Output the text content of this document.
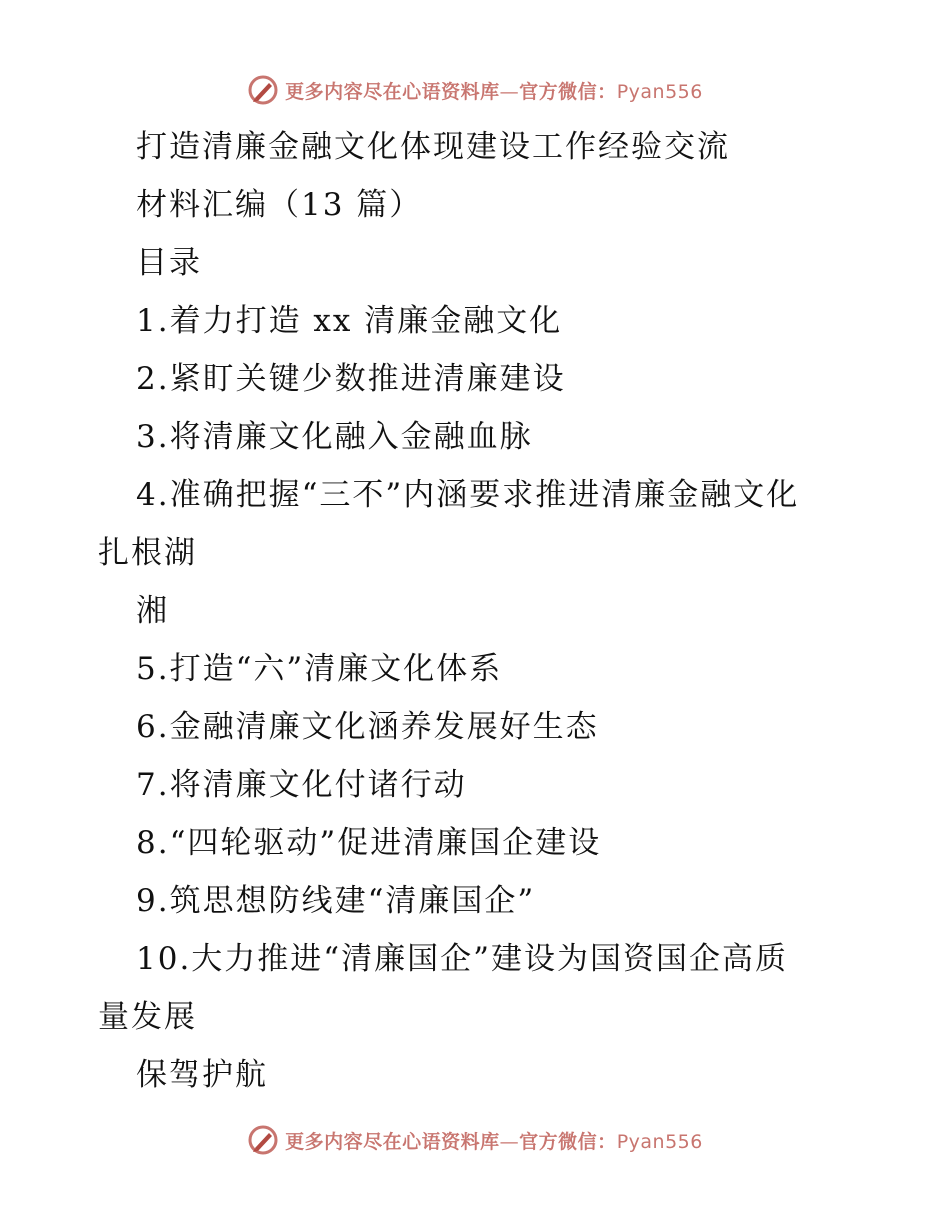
更多内容尽在心语资料库—官方微信：Pyan556
打造清廉金融文化体现建设工作经验交流
材料汇编（13 篇）
目录
1.着力打造 xx 清廉金融文化
2.紧盯关键少数推进清廉建设
3.将清廉文化融入金融血脉
4.准确把握“三不”内涵要求推进清廉金融文化
扎根湖
湘
5.打造“六”清廉文化体系
6.金融清廉文化涵养发展好生态
7.将清廉文化付诸行动
8.“四轮驱动”促进清廉国企建设
9.筑思想防线建“清廉国企”
10.大力推进“清廉国企”建设为国资国企高质
量发展
保驾护航
更多内容尽在心语资料库—官方微信：Pyan556
